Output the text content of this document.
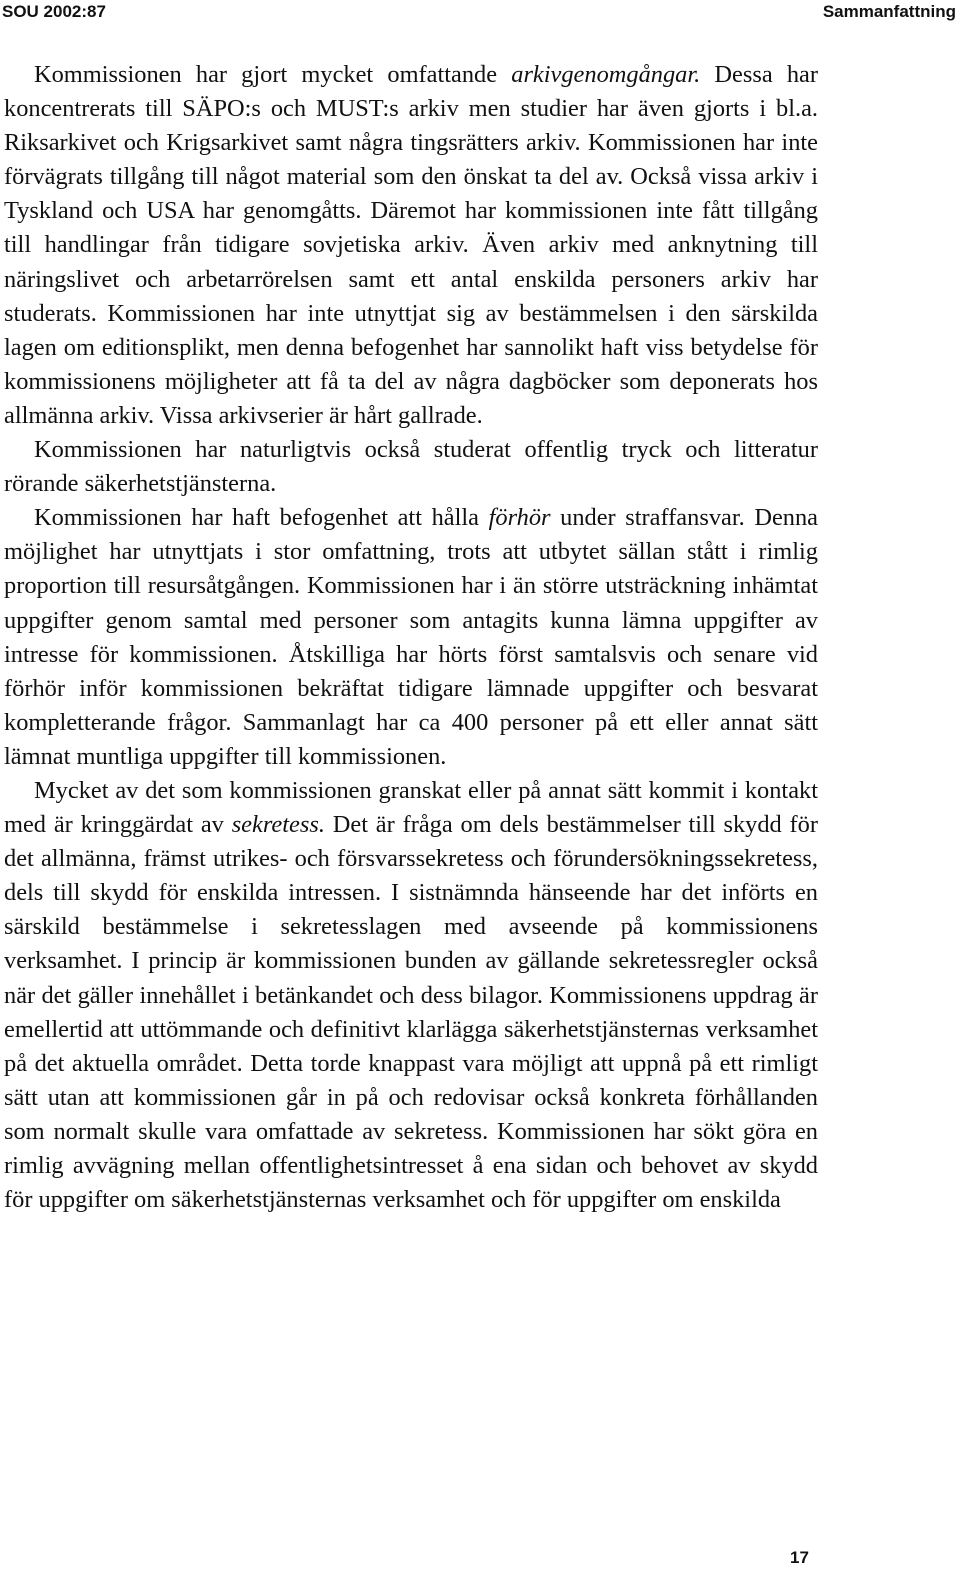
SOU 2002:87	Sammanfattning

Kommissionen har gjort mycket omfattande arkivgenomgångar. Dessa har koncentrerats till SÄPO:s och MUST:s arkiv men studier har även gjorts i bl.a. Riksarkivet och Krigsarkivet samt några tingsrätters arkiv. Kommissionen har inte förvägrats tillgång till något material som den önskat ta del av. Också vissa arkiv i Tyskland och USA har genomgåtts. Däremot har kommissionen inte fått tillgång till handlingar från tidigare sovjetiska arkiv. Även arkiv med anknytning till näringslivet och arbetarrörelsen samt ett antal enskilda personers arkiv har studerats. Kommissionen har inte utnyttjat sig av bestämmelsen i den särskilda lagen om editionsplikt, men denna befogenhet har sannolikt haft viss betydelse för kommissionens möjligheter att få ta del av några dagböcker som deponerats hos allmänna arkiv. Vissa arkivserier är hårt gallrade.

Kommissionen har naturligtvis också studerat offentlig tryck och litteratur rörande säkerhetstjänsterna.

Kommissionen har haft befogenhet att hålla förhör under straffansvar. Denna möjlighet har utnyttjats i stor omfattning, trots att utbytet sällan stått i rimlig proportion till resursåtgången. Kommissionen har i än större utsträckning inhämtat uppgifter genom samtal med personer som antagits kunna lämna uppgifter av intresse för kommissionen. Åtskilliga har hörts först samtalsvis och senare vid förhör inför kommissionen bekräftat tidigare lämnade uppgifter och besvarat kompletterande frågor. Sammanlagt har ca 400 personer på ett eller annat sätt lämnat muntliga uppgifter till kommissionen.

Mycket av det som kommissionen granskat eller på annat sätt kommit i kontakt med är kringgärdat av sekretess. Det är fråga om dels bestämmelser till skydd för det allmänna, främst utrikes- och försvarssekretess och förundersökningssekretess, dels till skydd för enskilda intressen. I sistnämnda hänseende har det införts en särskild bestämmelse i sekretesslagen med avseende på kommissionens verksamhet. I princip är kommissionen bunden av gällande sekretessregler också när det gäller innehållet i betänkandet och dess bilagor. Kommissionens uppdrag är emellertid att uttömmande och definitivt klarlägga säkerhetstjänsternas verksamhet på det aktuella området. Detta torde knappast vara möjligt att uppnå på ett rimligt sätt utan att kommissionen går in på och redovisar också konkreta förhållanden som normalt skulle vara omfattade av sekretess. Kommissionen har sökt göra en rimlig avvägning mellan offentlighetsintresset å ena sidan och behovet av skydd för uppgifter om säkerhetstjänsternas verksamhet och för uppgifter om enskilda

17
